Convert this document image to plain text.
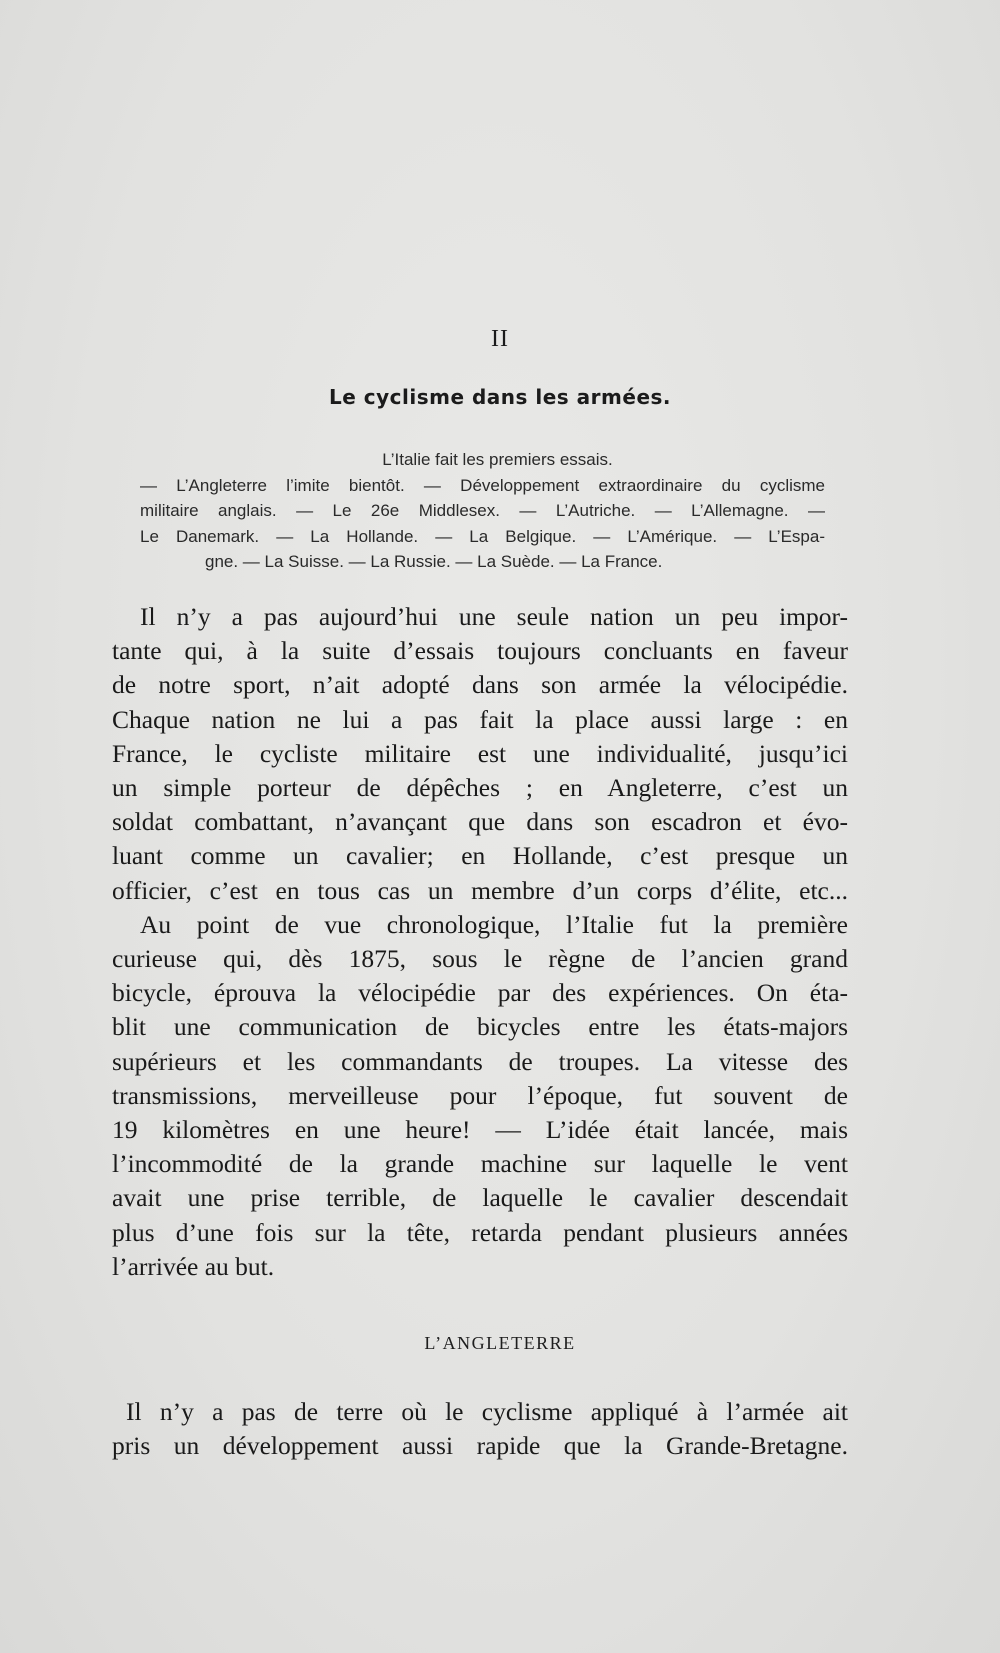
II
Le cyclisme dans les armées.
L’Italie fait les premiers essais.
— L’Angleterre l’imite bientôt. — Développement extraordinaire du cyclisme
militaire anglais. — Le 26e Middlesex. — L’Autriche. — L’Allemagne. —
Le Danemark. — La Hollande. — La Belgique. — L’Amérique. — L’Espa-
gne. — La Suisse. — La Russie. — La Suède. — La France.
Il n’y a pas aujourd’hui une seule nation un peu impor-
tante qui, à la suite d’essais toujours concluants en faveur
de notre sport, n’ait adopté dans son armée la vélocipédie.
Chaque nation ne lui a pas fait la place aussi large : en
France, le cycliste militaire est une individualité, jusqu’ici
un simple porteur de dépêches ; en Angleterre, c’est un
soldat combattant, n’avançant que dans son escadron et évo-
luant comme un cavalier; en Hollande, c’est presque un
officier, c’est en tous cas un membre d’un corps d’élite, etc...
Au point de vue chronologique, l’Italie fut la première
curieuse qui, dès 1875, sous le règne de l’ancien grand
bicycle, éprouva la vélocipédie par des expériences. On éta-
blit une communication de bicycles entre les états-majors
supérieurs et les commandants de troupes. La vitesse des
transmissions, merveilleuse pour l’époque, fut souvent de
19 kilomètres en une heure! — L’idée était lancée, mais
l’incommodité de la grande machine sur laquelle le vent
avait une prise terrible, de laquelle le cavalier descendait
plus d’une fois sur la tête, retarda pendant plusieurs années
l’arrivée au but.
L’ANGLETERRE
Il n’y a pas de terre où le cyclisme appliqué à l’armée ait
pris un développement aussi rapide que la Grande-Bretagne.
